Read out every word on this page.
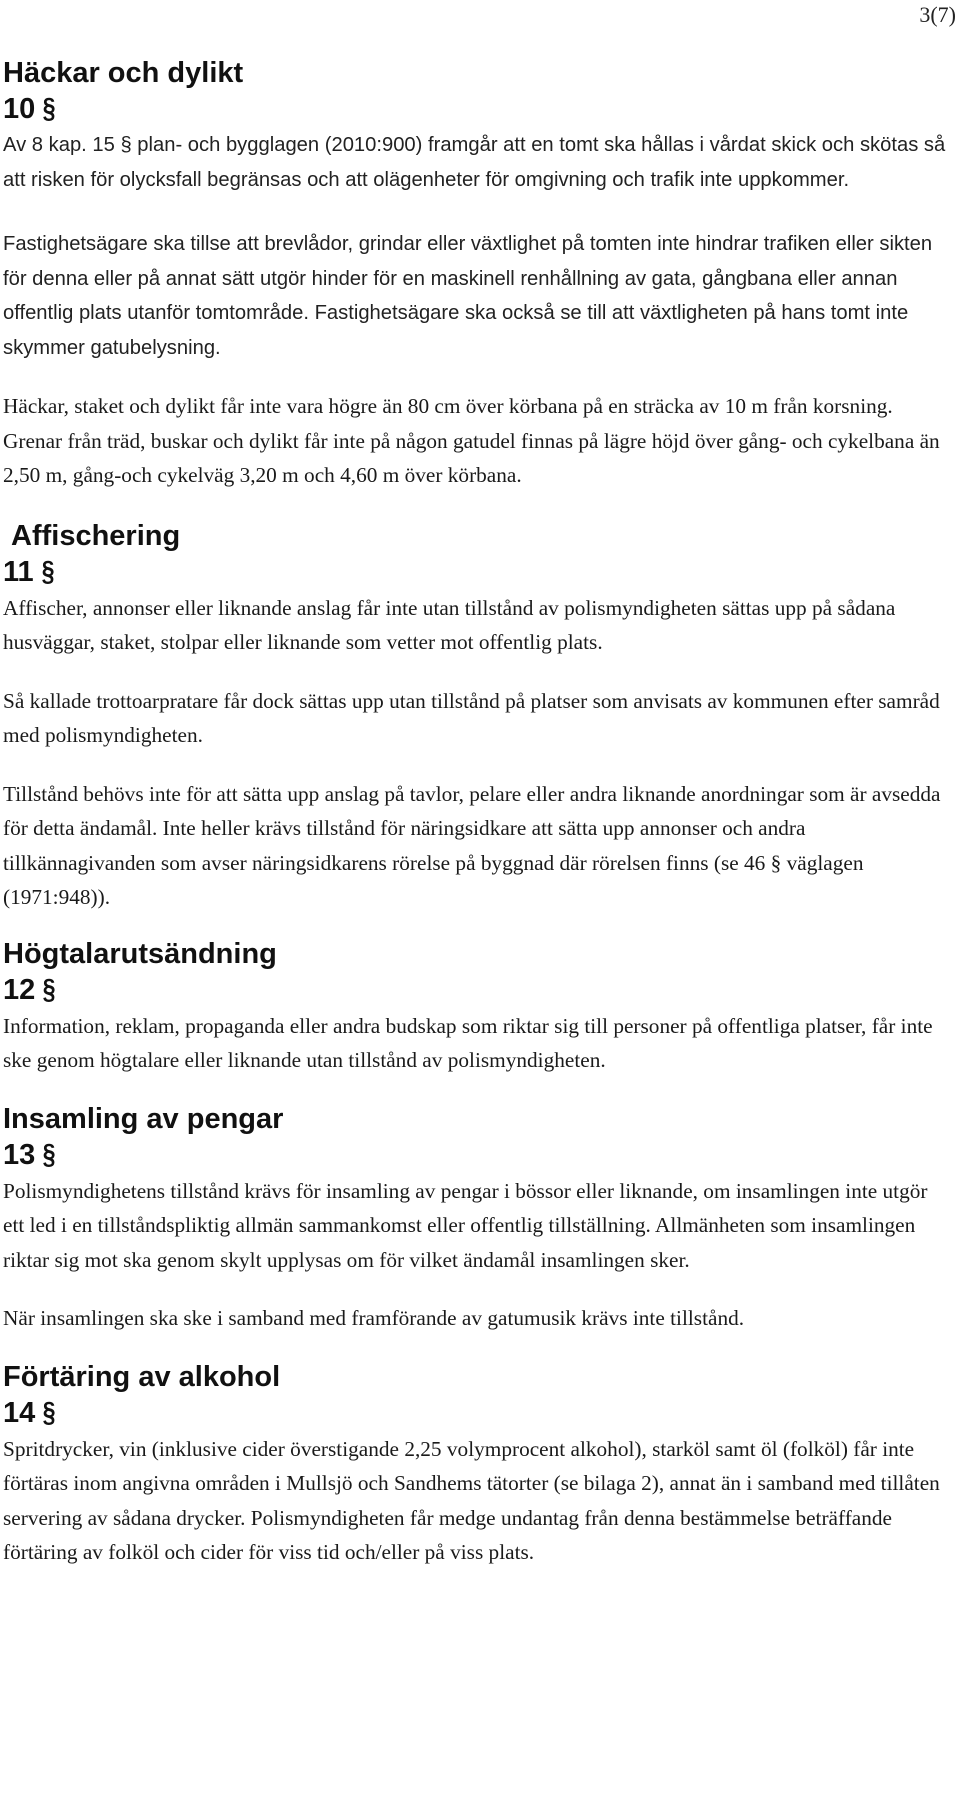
3(7)
Häckar och dylikt
10 §

Av 8 kap. 15 § plan- och bygglagen (2010:900) framgår att en tomt ska hållas i vårdat skick och skötas så att risken för olycksfall begränsas och att olägenheter för omgivning och trafik inte uppkommer.

Fastighetsägare ska tillse att brevlådor, grindar eller växtlighet på tomten inte hindrar trafiken eller sikten för denna eller på annat sätt utgör hinder för en maskinell renhållning av gata, gångbana eller annan offentlig plats utanför tomtområde. Fastighetsägare ska också se till att växtligheten på hans tomt inte skymmer gatubelysning.

Häckar, staket och dylikt får inte vara högre än 80 cm över körbana på en sträcka av 10 m från korsning. Grenar från träd, buskar och dylikt får inte på någon gatudel finnas på lägre höjd över gång- och cykelbana än 2,50 m, gång-och cykelväg 3,20 m och 4,60 m över körbana.

Affischering
11 §

Affischer, annonser eller liknande anslag får inte utan tillstånd av polismyndigheten sättas upp på sådana husväggar, staket, stolpar eller liknande som vetter mot offentlig plats.

Så kallade trottoarpratare får dock sättas upp utan tillstånd på platser som anvisats av kommunen efter samråd med polismyndigheten.

Tillstånd behövs inte för att sätta upp anslag på tavlor, pelare eller andra liknande anordningar som är avsedda för detta ändamål. Inte heller krävs tillstånd för näringsidkare att sätta upp annonser och andra tillkännagivanden som avser näringsidkarens rörelse på byggnad där rörelsen finns (se 46 § väglagen (1971:948)).

Högtalarutsändning
12 §

Information, reklam, propaganda eller andra budskap som riktar sig till personer på offentliga platser, får inte ske genom högtalare eller liknande utan tillstånd av polismyndigheten.

Insamling av pengar
13 §

Polismyndighetens tillstånd krävs för insamling av pengar i bössor eller liknande, om insamlingen inte utgör ett led i en tillståndspliktig allmän sammankomst eller offentlig tillställning. Allmänheten som insamlingen riktar sig mot ska genom skylt upplysas om för vilket ändamål insamlingen sker.

När insamlingen ska ske i samband med framförande av gatumusik krävs inte tillstånd.

Förtäring av alkohol
14 §

Spritdrycker, vin (inklusive cider överstigande 2,25 volymprocent alkohol), starköl samt öl (folköl) får inte förtäras inom angivna områden i Mullsjö och Sandhems tätorter (se bilaga 2), annat än i samband med tillåten servering av sådana drycker. Polismyndigheten får medge undantag från denna bestämmelse beträffande förtäring av folköl och cider för viss tid och/eller på viss plats.
